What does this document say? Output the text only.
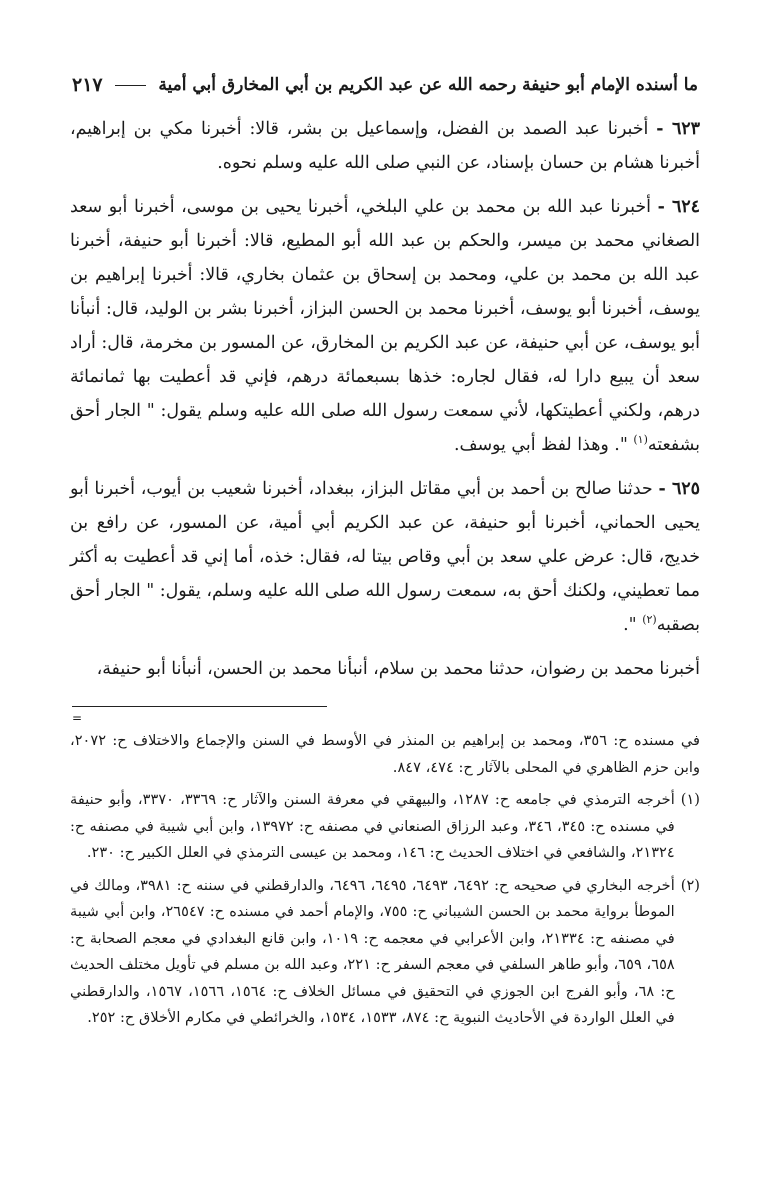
ما أسنده الإمام أبو حنيفة رحمه الله عن عبد الكريم بن أبي المخارق أبي أمية
٢١٧

٦٢٣ - أخبرنا عبد الصمد بن الفضل، وإسماعيل بن بشر، قالا: أخبرنا مكي بن إبراهيم، أخبرنا هشام بن حسان بإسناد، عن النبي صلى الله عليه وسلم نحوه.

٦٢٤ - أخبرنا عبد الله بن محمد بن علي البلخي، أخبرنا يحيى بن موسى، أخبرنا أبو سعد الصغاني محمد بن ميسر، والحكم بن عبد الله أبو المطيع، قالا: أخبرنا أبو حنيفة، أخبرنا عبد الله بن محمد بن علي، ومحمد بن إسحاق بن عثمان بخاري، قالا: أخبرنا إبراهيم بن يوسف، أخبرنا أبو يوسف، أخبرنا محمد بن الحسن البزاز، أخبرنا بشر بن الوليد، قال: أنبأنا أبو يوسف، عن أبي حنيفة، عن عبد الكريم بن المخارق، عن المسور بن مخرمة، قال: أراد سعد أن يبيع دارا له، فقال لجاره: خذها بسبعمائة درهم، فإني قد أعطيت بها ثمانمائة درهم، ولكني أعطيتكها، لأني سمعت رسول الله صلى الله عليه وسلم يقول: " الجار أحق بشفعته$^{(١)}$ ". وهذا لفظ أبي يوسف.

٦٢٥ - حدثنا صالح بن أحمد بن أبي مقاتل البزاز، ببغداد، أخبرنا شعيب بن أيوب، أخبرنا أبو يحيى الحماني، أخبرنا أبو حنيفة، عن عبد الكريم أبي أمية، عن المسور، عن رافع بن خديج، قال: عرض علي سعد بن أبي وقاص بيتا له، فقال: خذه، أما إني قد أعطيت به أكثر مما تعطيني، ولكنك أحق به، سمعت رسول الله صلى الله عليه وسلم، يقول: " الجار أحق بصقبه$^{(٢)}$ ".

أخبرنا محمد بن رضوان، حدثنا محمد بن سلام، أنبأنا محمد بن الحسن، أنبأنا أبو حنيفة،

=
في مسنده ح: ٣٥٦، ومحمد بن إبراهيم بن المنذر في الأوسط في السنن والإجماع والاختلاف ح: ٢٠٧٢، وابن حزم الظاهري في المحلى بالآثار ح: ٤٧٤، ٨٤٧.
(١)
أخرجه الترمذي في جامعه ح: ١٢٨٧، والبيهقي في معرفة السنن والآثار ح: ٣٣٦٩، ٣٣٧٠، وأبو حنيفة في مسنده ح: ٣٤٥، ٣٤٦، وعبد الرزاق الصنعاني في مصنفه ح: ١٣٩٧٢، وابن أبي شيبة في مصنفه ح: ٢١٣٢٤، والشافعي في اختلاف الحديث ح: ١٤٦، ومحمد بن عيسى الترمذي في العلل الكبير ح: ٢٣٠.
(٢)
أخرجه البخاري في صحيحه ح: ٦٤٩٢، ٦٤٩٣، ٦٤٩٥، ٦٤٩٦، والدارقطني في سننه ح: ٣٩٨١، ومالك في الموطأ برواية محمد بن الحسن الشيباني ح: ٧٥٥، والإمام أحمد في مسنده ح: ٢٦٥٤٧، وابن أبي شيبة في مصنفه ح: ٢١٣٣٤، وابن الأعرابي في معجمه ح: ١٠١٩، وابن قانع البغدادي في معجم الصحابة ح: ٦٥٨، ٦٥٩، وأبو طاهر السلفي في معجم السفر ح: ٢٢١، وعبد الله بن مسلم في تأويل مختلف الحديث ح: ٦٨، وأبو الفرج ابن الجوزي في التحقيق في مسائل الخلاف ح: ١٥٦٤، ١٥٦٦، ١٥٦٧، والدارقطني في العلل الواردة في الأحاديث النبوية ح: ٨٧٤، ١٥٣٣، ١٥٣٤، والخرائطي في مكارم الأخلاق ح: ٢٥٢.
